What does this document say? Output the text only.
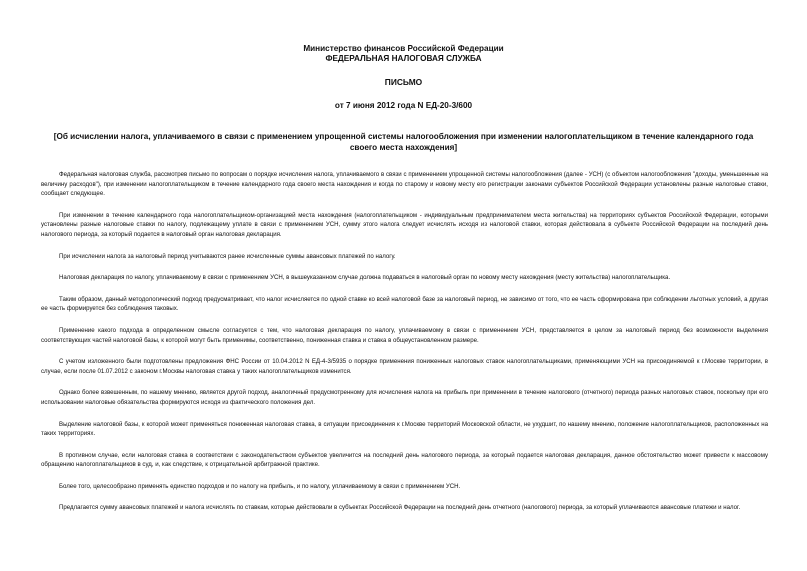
Министерство финансов Российской Федерации
ФЕДЕРАЛЬНАЯ НАЛОГОВАЯ СЛУЖБА
ПИСЬМО
от 7 июня 2012 года N ЕД-20-3/600
[Об исчислении налога, уплачиваемого в связи с применением упрощенной системы налогообложения при изменении налогоплательщиком в течение календарного года своего места нахождения]

Федеральная налоговая служба, рассмотрев письмо по вопросам о порядке исчисления налога, уплачиваемого в связи с применением упрощенной системы налогообложения (далее - УСН) (с объектом налогообложения "доходы, уменьшенные на величину расходов"), при изменении налогоплательщиком в течение календарного года своего места нахождения и когда по старому и новому месту его регистрации законами субъектов Российской Федерации установлены разные налоговые ставки, сообщает следующее.

При изменении в течение календарного года налогоплательщиком-организацией места нахождения (налогоплательщиком - индивидуальным предпринимателем места жительства) на территориях субъектов Российской Федерации, которыми установлены разные налоговые ставки по налогу, подлежащему уплате в связи с применением УСН, сумму этого налога следует исчислять исходя из налоговой ставки, которая действовала в субъекте Российской Федерации на последний день налогового периода, за который подается в налоговый орган налоговая декларация.

При исчислении налога за налоговый период учитываются ранее исчисленные суммы авансовых платежей по налогу.

Налоговая декларация по налогу, уплачиваемому в связи с применением УСН, в вышеуказанном случае должна подаваться в налоговый орган по новому месту нахождения (месту жительства) налогоплательщика.

Таким образом, данный методологический подход предусматривает, что налог исчисляется по одной ставке ко всей налоговой базе за налоговый период, не зависимо от того, что ее часть сформирована при соблюдении льготных условий, а другая ее часть формируется без соблюдения таковых.

Применение какого подхода в определенном смысле согласуется с тем, что налоговая декларация по налогу, уплачиваемому в связи с применением УСН, представляется в целом за налоговый период без возможности выделения соответствующих частей налоговой базы, к которой могут быть применимы, соответственно, пониженная ставка и ставка в общеустановленном размере.

С учетом изложенного были подготовлены предложения ФНС России от 10.04.2012 N ЕД-4-3/5935 о порядке применения пониженных налоговых ставок налогоплательщиками, применяющими УСН на присоединяемой к г.Москве территории, в случае, если после 01.07.2012 с законом г.Москвы налоговая ставка у таких налогоплательщиков изменится.

Однако более взвешенным, по нашему мнению, является другой подход, аналогичный предусмотренному для исчисления налога на прибыль при применении в течение налогового (отчетного) периода разных налоговых ставок, поскольку при его использовании налоговые обязательства формируются исходя из фактического положения дел.

Выделение налоговой базы, к которой может применяться пониженная налоговая ставка, в ситуации присоединения к г.Москве территорий Московской области, не ухудшит, по нашему мнению, положение налогоплательщиков, расположенных на таких территориях.

В противном случае, если налоговая ставка в соответствии с законодательством субъектов увеличится на последний день налогового периода, за который подается налоговая декларация, данное обстоятельство может привести к массовому обращению налогоплательщиков в суд, и, как следствие, к отрицательной арбитражной практике.

Более того, целесообразно применять единство подходов и по налогу на прибыль, и по налогу, уплачиваемому в связи с применением УСН.

Предлагается сумму авансовых платежей и налога исчислять по ставкам, которые действовали в субъектах Российской Федерации на последний день отчетного (налогового) периода, за который уплачиваются авансовые платежи и налог.
